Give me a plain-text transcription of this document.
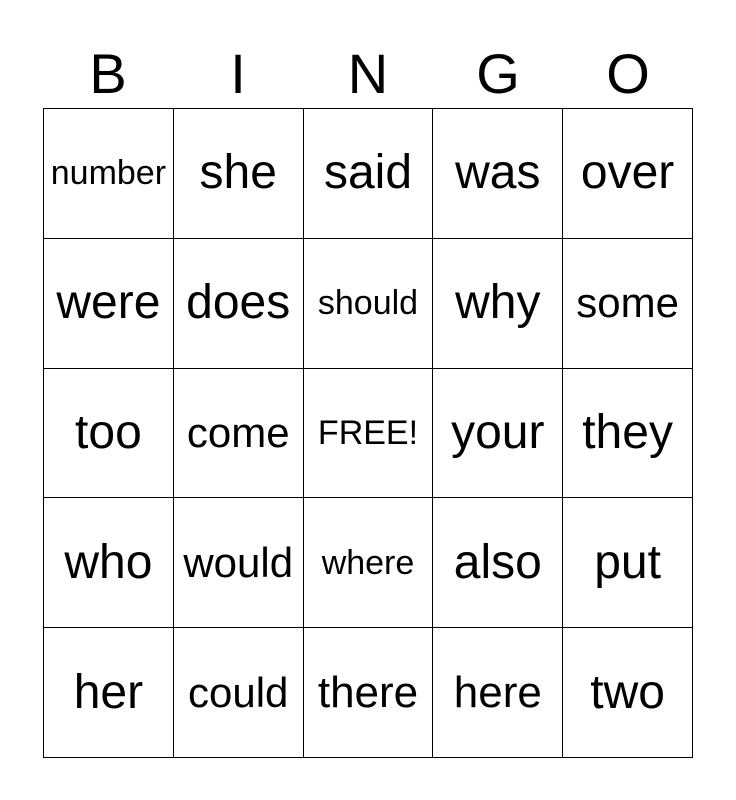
B	I	N	G	O
number she said was over
were does should why some
too	come FREE! your they
who would where also	put
her	could there here	two
